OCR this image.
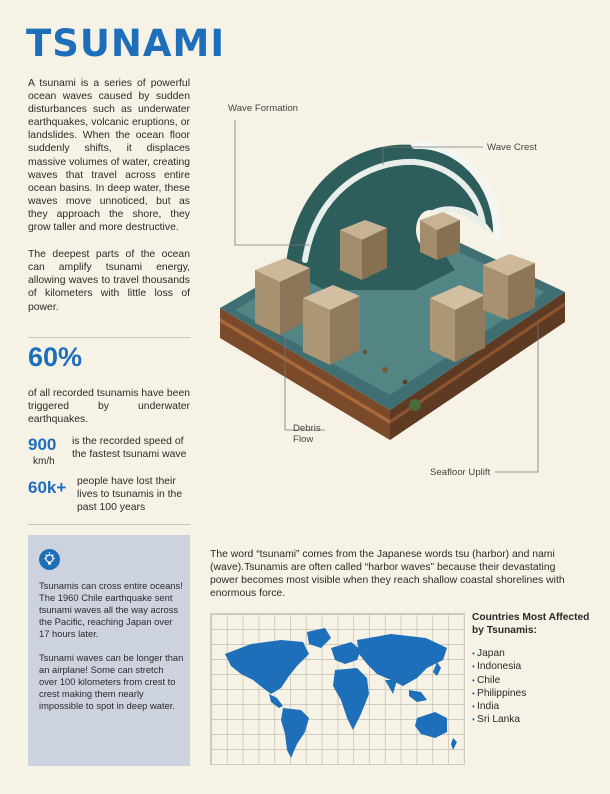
TSUNAMI

A tsunami is a series of powerful ocean waves caused by sudden disturbances such as underwater earthquakes, volcanic eruptions, or landslides. When the ocean floor suddenly shifts, it displaces massive volumes of water, creating waves that travel across entire ocean basins. In deep water, these waves move unnoticed, but as they approach the shore, they grow taller and more destructive.

The deepest parts of the ocean can amplify tsunami energy, allowing waves to travel thousands of kilometers with little loss of power.

60%
of all recorded tsunamis have been triggered by underwater earthquakes.
900
km/h
is the recorded speed of the fastest tsunami wave
60k+ people have lost their lives to tsunamis in the past 100 years

Tsunamis can cross entire oceans! The 1960 Chile earthquake sent tsunami waves all the way across the Pacific, reaching Japan over 17 hours later.

Tsunami waves can be longer than an airplane! Some can stretch over 100 kilometers from crest to crest making them nearly impossible to spot in deep water.

Wave Formation
Wave Crest
Debris
Flow
Seafloor Uplift
The word “tsunami” comes from the Japanese words tsu (harbor) and nami (wave).Tsunamis are often called “harbor waves” because their devastating power becomes most visible when they reach shallow coastal shorelines with enormous force.
Countries Most Affected by Tsunamis:
• Japan
• Indonesia
• Chile
• Philippines
• India
• Sri Lanka
